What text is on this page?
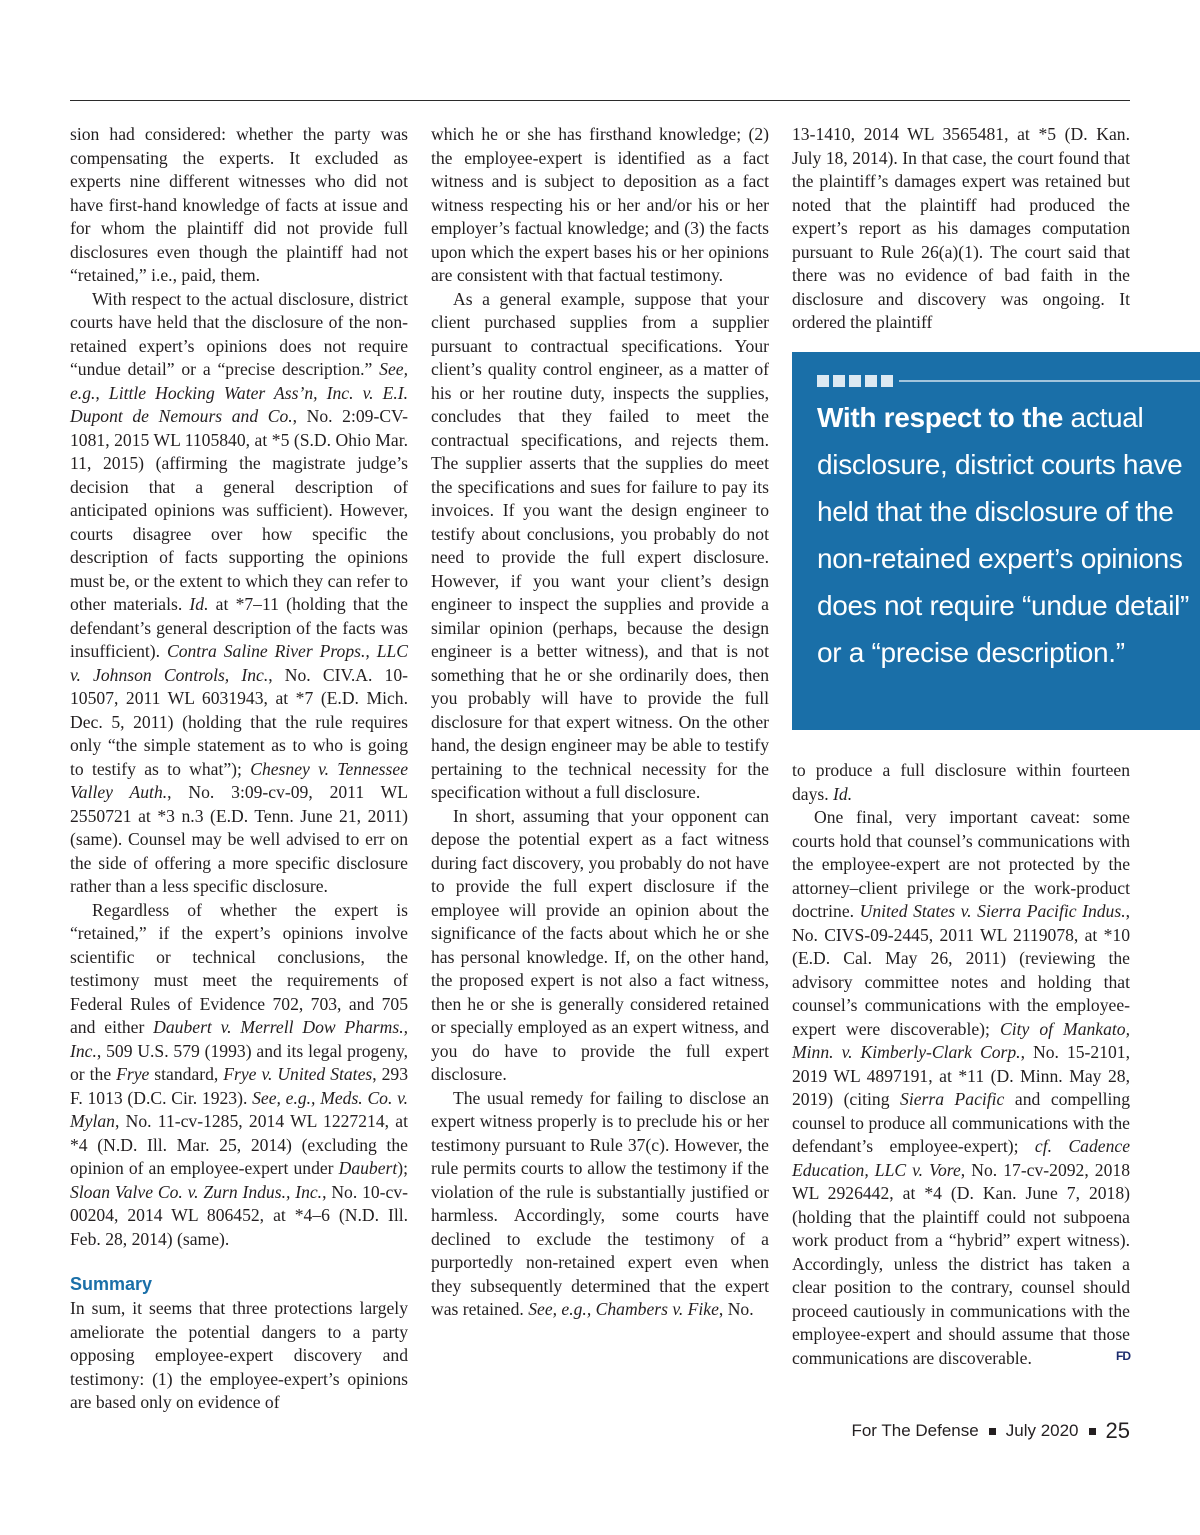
sion had considered: whether the party was compensating the experts. It excluded as experts nine different witnesses who did not have first-hand knowledge of facts at issue and for whom the plaintiff did not provide full disclosures even though the plaintiff had not “retained,” i.e., paid, them.

With respect to the actual disclosure, district courts have held that the disclosure of the non-retained expert’s opinions does not require “undue detail” or a “precise description.” See, e.g., Little Hocking Water Ass’n, Inc. v. E.I. Dupont de Nemours and Co., No. 2:09-CV-1081, 2015 WL 1105840, at *5 (S.D. Ohio Mar. 11, 2015) (affirming the magistrate judge’s decision that a general description of anticipated opinions was sufficient). However, courts disagree over how specific the description of facts supporting the opinions must be, or the extent to which they can refer to other materials. Id. at *7–11 (holding that the defendant’s general description of the facts was insufficient). Contra Saline River Props., LLC v. Johnson Controls, Inc., No. CIV.A. 10-10507, 2011 WL 6031943, at *7 (E.D. Mich. Dec. 5, 2011) (holding that the rule requires only “the simple statement as to who is going to testify as to what”); Chesney v. Tennessee Valley Auth., No. 3:09-cv-09, 2011 WL 2550721 at *3 n.3 (E.D. Tenn. June 21, 2011) (same). Counsel may be well advised to err on the side of offering a more specific disclosure rather than a less specific disclosure.

Regardless of whether the expert is “retained,” if the expert’s opinions involve scientific or technical conclusions, the testimony must meet the requirements of Federal Rules of Evidence 702, 703, and 705 and either Daubert v. Merrell Dow Pharms., Inc., 509 U.S. 579 (1993) and its legal progeny, or the Frye standard, Frye v. United States, 293 F. 1013 (D.C. Cir. 1923). See, e.g., Meds. Co. v. Mylan, No. 11-cv-1285, 2014 WL 1227214, at *4 (N.D. Ill. Mar. 25, 2014) (excluding the opinion of an employee-expert under Daubert); Sloan Valve Co. v. Zurn Indus., Inc., No. 10-cv-00204, 2014 WL 806452, at *4–6 (N.D. Ill. Feb. 28, 2014) (same).

Summary

In sum, it seems that three protections largely ameliorate the potential dangers to a party opposing employee-expert discovery and testimony: (1) the employee-expert’s opinions are based only on evidence of

which he or she has firsthand knowledge; (2) the employee-expert is identified as a fact witness and is subject to deposition as a fact witness respecting his or her and/or his or her employer’s factual knowledge; and (3) the facts upon which the expert bases his or her opinions are consistent with that factual testimony.

As a general example, suppose that your client purchased supplies from a supplier pursuant to contractual specifications. Your client’s quality control engineer, as a matter of his or her routine duty, inspects the supplies, concludes that they failed to meet the contractual specifications, and rejects them. The supplier asserts that the supplies do meet the specifications and sues for failure to pay its invoices. If you want the design engineer to testify about conclusions, you probably do not need to provide the full expert disclosure. However, if you want your client’s design engineer to inspect the supplies and provide a similar opinion (perhaps, because the design engineer is a better witness), and that is not something that he or she ordinarily does, then you probably will have to provide the full disclosure for that expert witness. On the other hand, the design engineer may be able to testify pertaining to the technical necessity for the specification without a full disclosure.

In short, assuming that your opponent can depose the potential expert as a fact witness during fact discovery, you probably do not have to provide the full expert disclosure if the employee will provide an opinion about the significance of the facts about which he or she has personal knowledge. If, on the other hand, the proposed expert is not also a fact witness, then he or she is generally considered retained or specially employed as an expert witness, and you do have to provide the full expert disclosure.

The usual remedy for failing to disclose an expert witness properly is to preclude his or her testimony pursuant to Rule 37(c). However, the rule permits courts to allow the testimony if the violation of the rule is substantially justified or harmless. Accordingly, some courts have declined to exclude the testimony of a purportedly non-retained expert even when they subsequently determined that the expert was retained. See, e.g., Chambers v. Fike, No.

13-1410, 2014 WL 3565481, at *5 (D. Kan. July 18, 2014). In that case, the court found that the plaintiff’s damages expert was retained but noted that the plaintiff had produced the expert’s report as his damages computation pursuant to Rule 26(a)(1). The court said that there was no evidence of bad faith in the disclosure and discovery was ongoing. It ordered the plaintiff

With respect to the actual disclosure, district courts have held that the disclosure of the non-retained expert’s opinions does not require “undue detail” or a “precise description.”

to produce a full disclosure within fourteen days. Id.

One final, very important caveat: some courts hold that counsel’s communications with the employee-expert are not protected by the attorney–client privilege or the work-product doctrine. United States v. Sierra Pacific Indus., No. CIVS-09-2445, 2011 WL 2119078, at *10 (E.D. Cal. May 26, 2011) (reviewing the advisory committee notes and holding that counsel’s communications with the employee-expert were discoverable); City of Mankato, Minn. v. Kimberly-Clark Corp., No. 15-2101, 2019 WL 4897191, at *11 (D. Minn. May 28, 2019) (citing Sierra Pacific and compelling counsel to produce all communications with the defendant’s employee-expert); cf. Cadence Education, LLC v. Vore, No. 17-cv-2092, 2018 WL 2926442, at *4 (D. Kan. June 7, 2018) (holding that the plaintiff could not subpoena work product from a “hybrid” expert witness). Accordingly, unless the district has taken a clear position to the contrary, counsel should proceed cautiously in communications with the employee-expert and should assume that those communications are discoverable.	FD

For The Defense July 2020 25
